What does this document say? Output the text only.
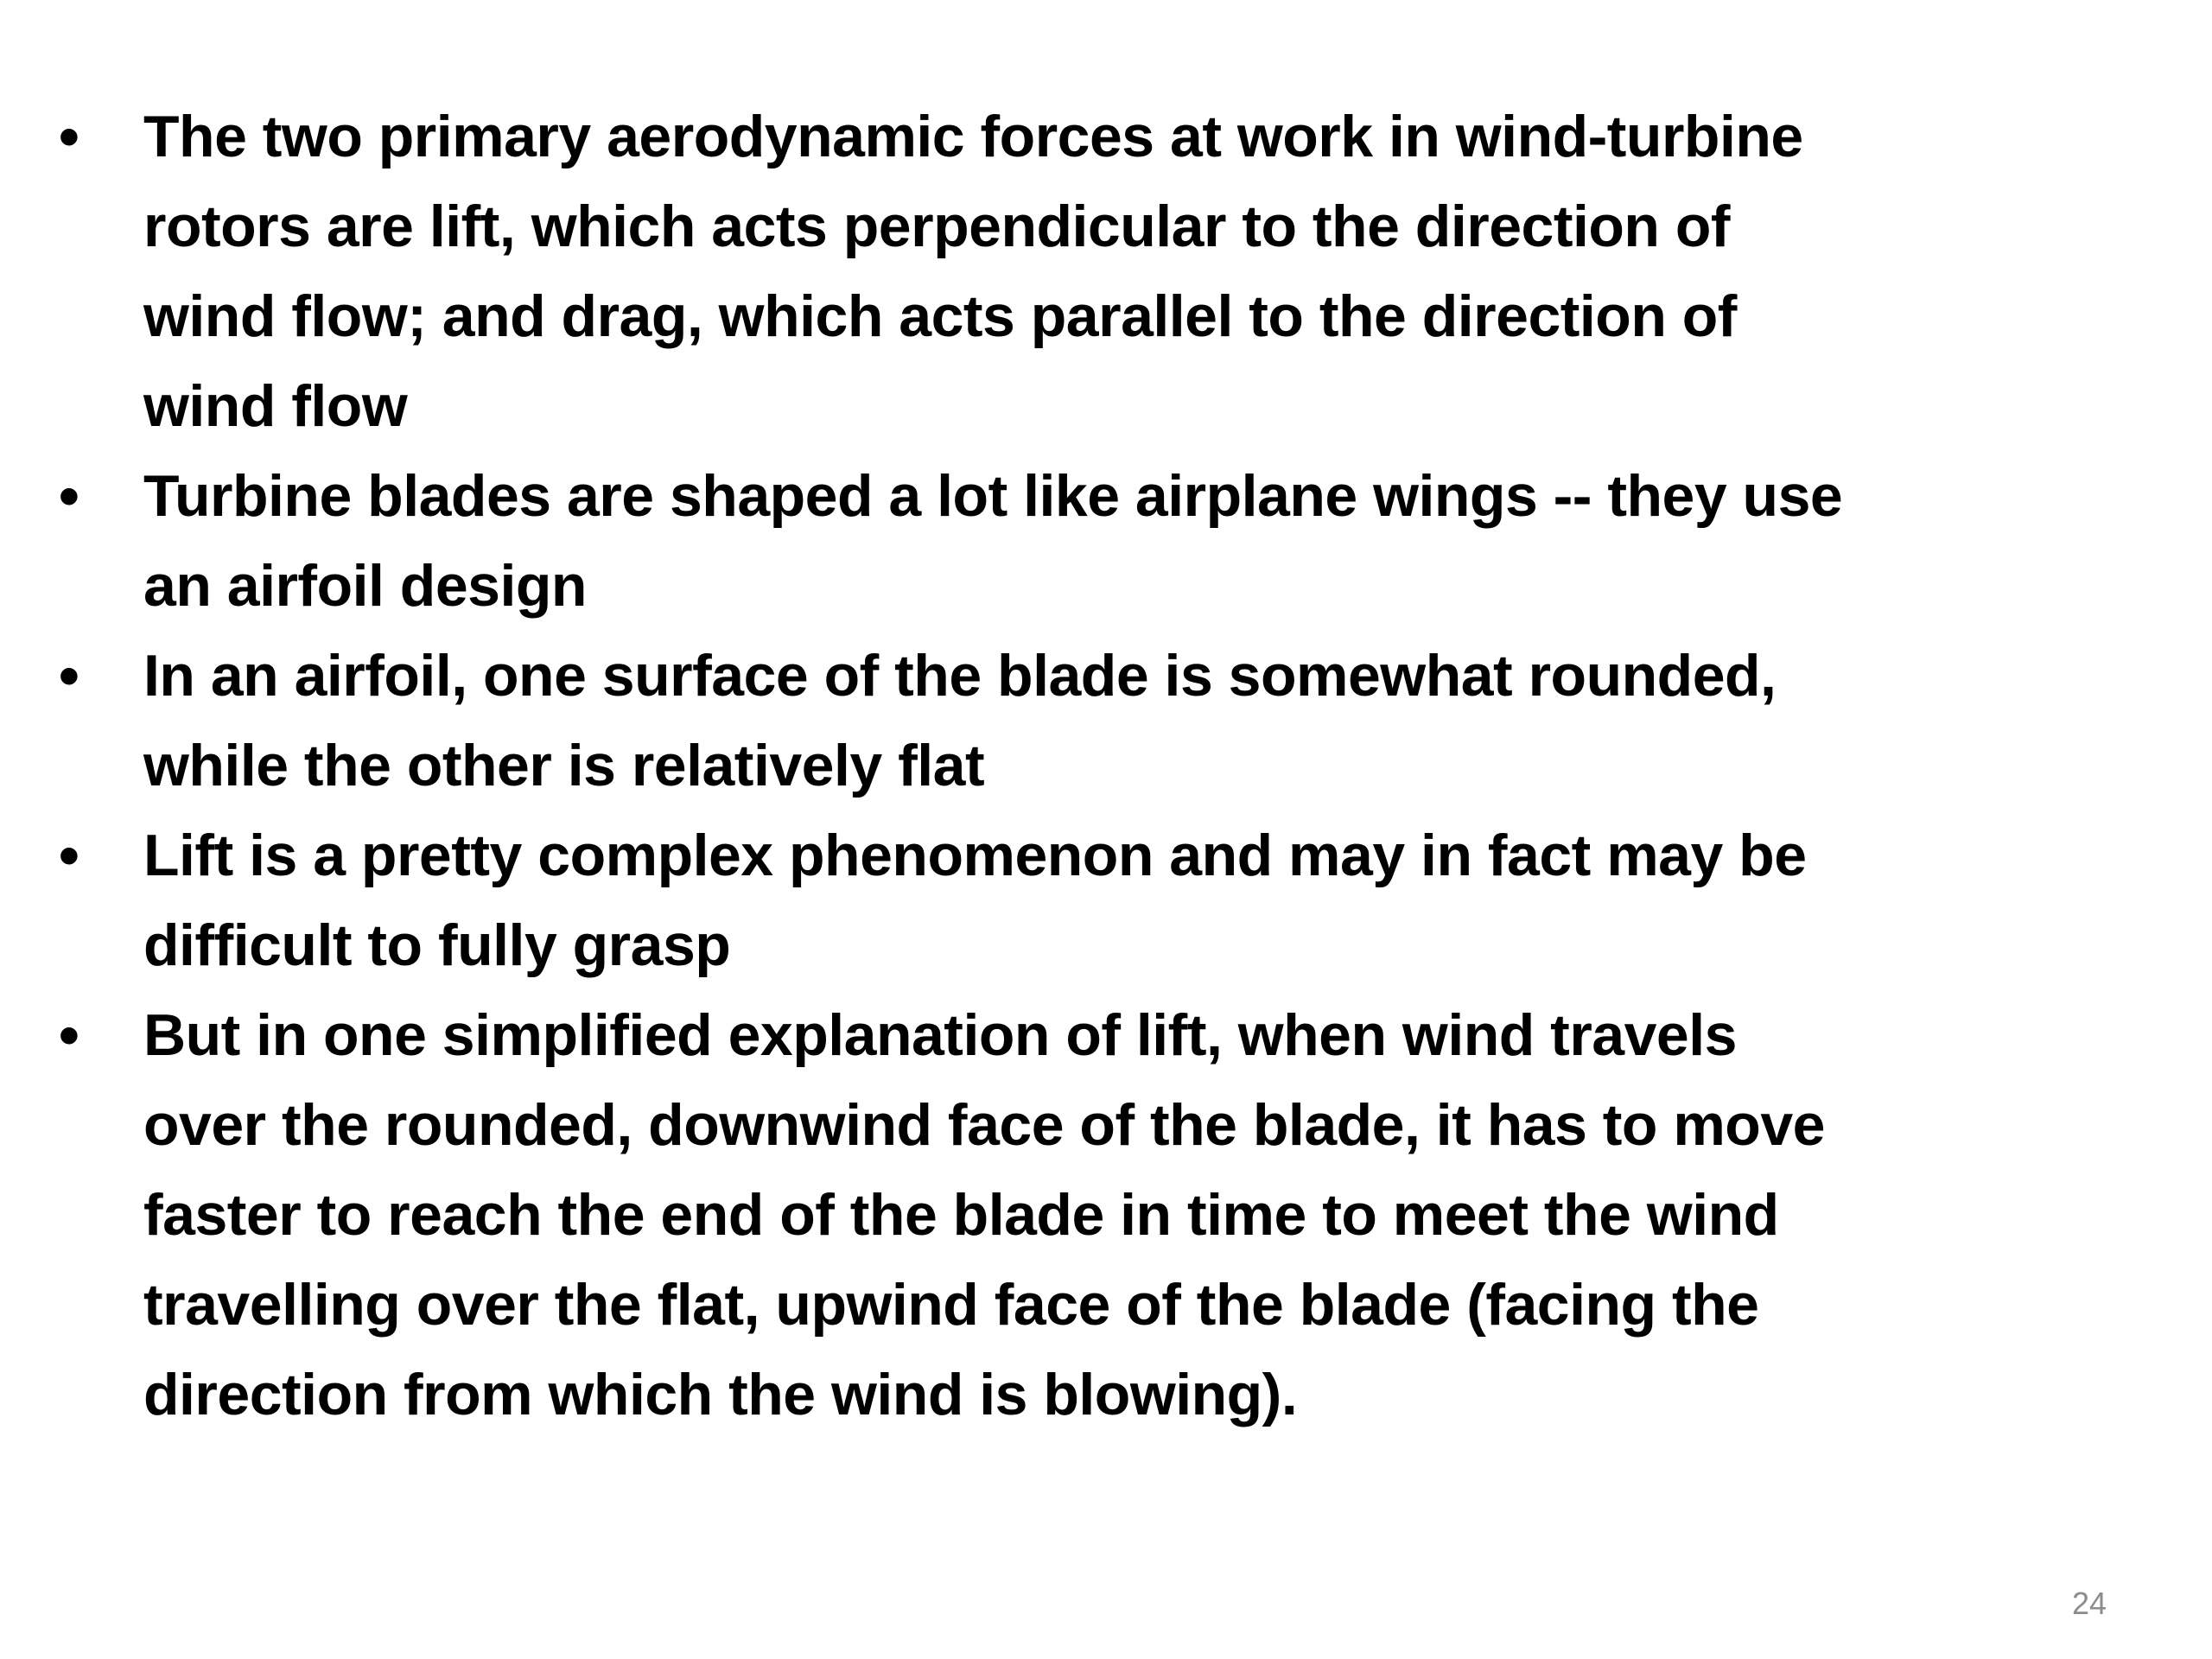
• The two primary aerodynamic forces at work in wind-turbine
rotors are lift, which acts perpendicular to the direction of
wind flow; and drag, which acts parallel to the direction of
wind flow
• Turbine blades are shaped a lot like airplane wings -- they use
an airfoil design
• In an airfoil, one surface of the blade is somewhat rounded,
while the other is relatively flat
• Lift is a pretty complex phenomenon and may in fact may be
difficult to fully grasp
• But in one simplified explanation of lift, when wind travels
over the rounded, downwind face of the blade, it has to move
faster to reach the end of the blade in time to meet the wind
travelling over the flat, upwind face of the blade (facing the
direction from which the wind is blowing).
24
